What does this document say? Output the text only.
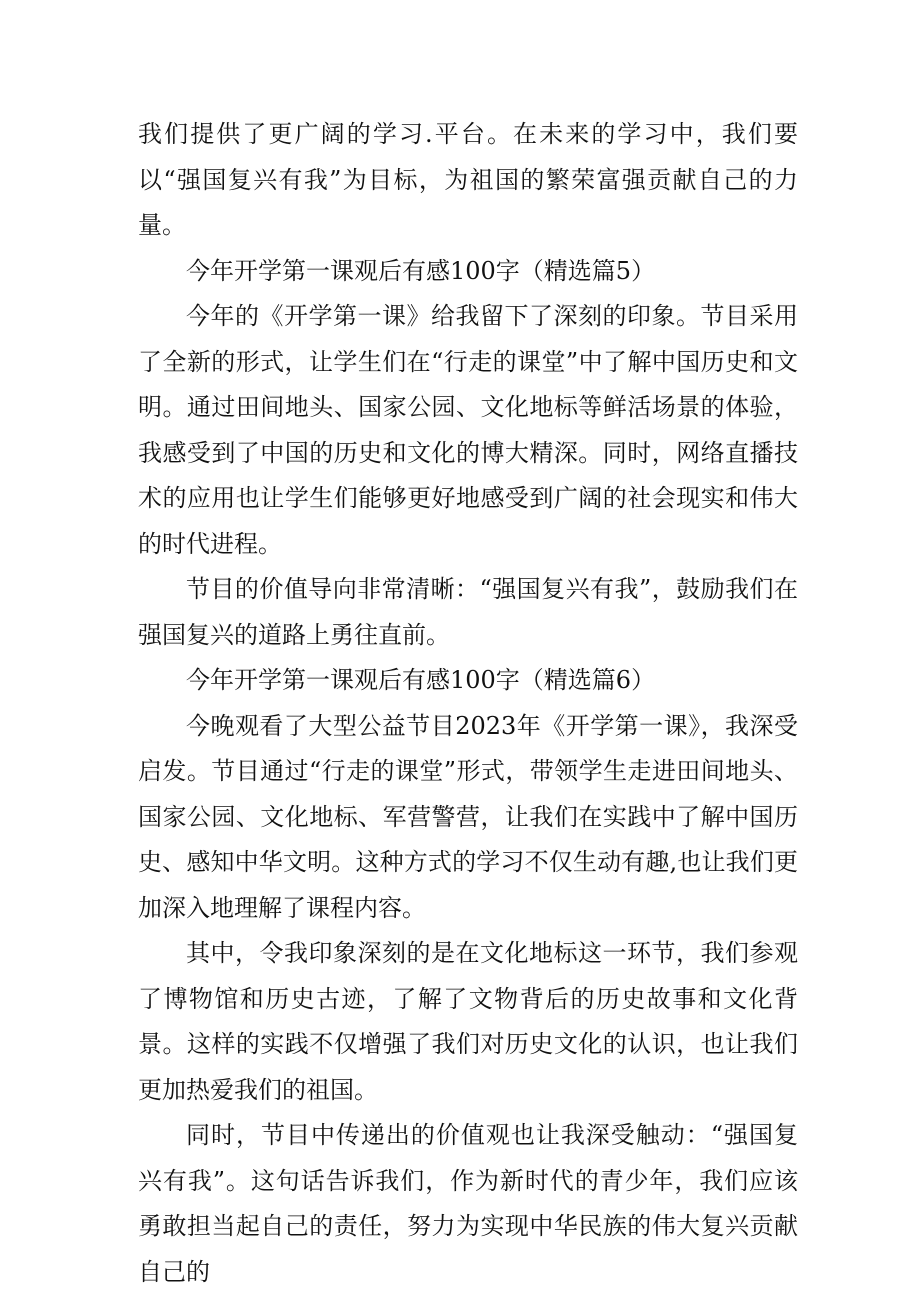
我们提供了更广阔的学习.平台。在未来的学习中，我们要以“强国复兴有我”为目标，为祖国的繁荣富强贡献自己的力量。

今年开学第一课观后有感100字（精选篇5）

今年的《开学第一课》给我留下了深刻的印象。节目采用了全新的形式，让学生们在“行走的课堂”中了解中国历史和文明。通过田间地头、国家公园、文化地标等鲜活场景的体验，我感受到了中国的历史和文化的博大精深。同时，网络直播技术的应用也让学生们能够更好地感受到广阔的社会现实和伟大的时代进程。

节目的价值导向非常清晰：“强国复兴有我”，鼓励我们在强国复兴的道路上勇往直前。

今年开学第一课观后有感100字（精选篇6）

今晚观看了大型公益节目2023年《开学第一课》，我深受启发。节目通过“行走的课堂”形式，带领学生走进田间地头、国家公园、文化地标、军营警营，让我们在实践中了解中国历史、感知中华文明。这种方式的学习不仅生动有趣,也让我们更加深入地理解了课程内容。

其中，令我印象深刻的是在文化地标这一环节，我们参观了博物馆和历史古迹，了解了文物背后的历史故事和文化背景。这样的实践不仅增强了我们对历史文化的认识，也让我们更加热爱我们的祖国。

同时，节目中传递出的价值观也让我深受触动：“强国复兴有我”。这句话告诉我们，作为新时代的青少年，我们应该勇敢担当起自己的责任，努力为实现中华民族的伟大复兴贡献自己的
